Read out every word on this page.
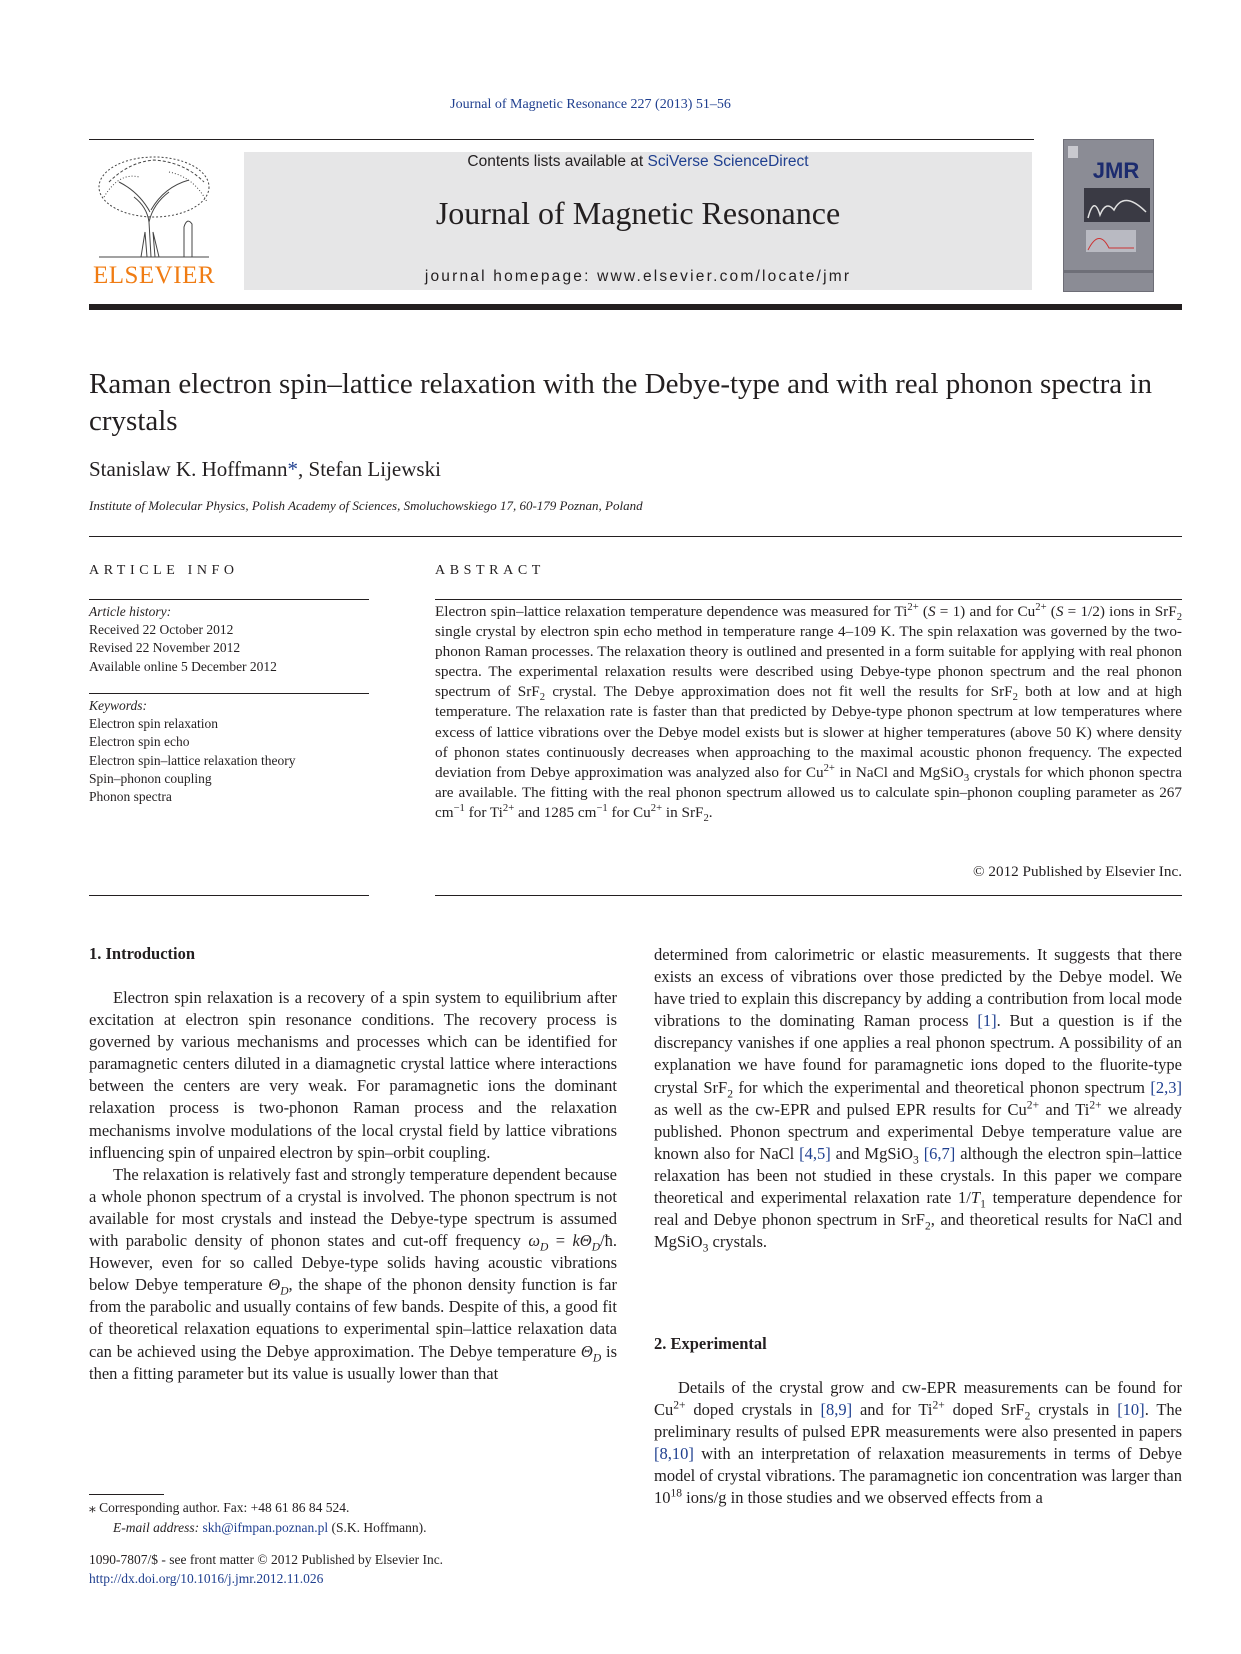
Journal of Magnetic Resonance 227 (2013) 51–56
ELSEVIER
Contents lists available at SciVerse ScienceDirect
Journal of Magnetic Resonance
journal homepage: www.elsevier.com/locate/jmr
JMR
Raman electron spin–lattice relaxation with the Debye-type and with real phonon spectra in crystals
Stanislaw K. Hoffmann*, Stefan Lijewski
Institute of Molecular Physics, Polish Academy of Sciences, Smoluchowskiego 17, 60-179 Poznan, Poland
ARTICLE INFO	ABSTRACT
Article history:
Received 22 October 2012
Revised 22 November 2012
Available online 5 December 2012
Keywords:
Electron spin relaxation
Electron spin echo
Electron spin–lattice relaxation theory
Spin–phonon coupling
Phonon spectra
Electron spin–lattice relaxation temperature dependence was measured for $Ti^{2+}$ (S = 1) and for $Cu^{2+}$ (S = 1/2) ions in SrF$_2$ single crystal by electron spin echo method in temperature range 4–109 K. The spin relaxation was governed by the two-phonon Raman processes. The relaxation theory is outlined and presented in a form suitable for applying with real phonon spectra. The experimental relaxation results were described using Debye-type phonon spectrum and the real phonon spectrum of SrF$_2$ crystal. The Debye approximation does not fit well the results for SrF$_2$ both at low and at high temperature. The relaxation rate is faster than that predicted by Debye-type phonon spectrum at low temperatures where excess of lattice vibrations over the Debye model exists but is slower at higher temperatures (above 50 K) where density of phonon states continuously decreases when approaching to the maximal acoustic phonon frequency. The expected deviation from Debye approximation was analyzed also for $Cu^{2+}$ in NaCl and MgSiO$_3$ crystals for which phonon spectra are available. The fitting with the real phonon spectrum allowed us to calculate spin–phonon coupling parameter as 267 $cm^{-1}$ for $Ti^{2+}$ and 1285 $cm^{-1}$ for $Cu^{2+}$ in SrF$_2$.
© 2012 Published by Elsevier Inc.
1. Introduction

Electron spin relaxation is a recovery of a spin system to equilibrium after excitation at electron spin resonance conditions. The recovery process is governed by various mechanisms and processes which can be identified for paramagnetic centers diluted in a diamagnetic crystal lattice where interactions between the centers are very weak. For paramagnetic ions the dominant relaxation process is two-phonon Raman process and the relaxation mechanisms involve modulations of the local crystal field by lattice vibrations influencing spin of unpaired electron by spin–orbit coupling.

The relaxation is relatively fast and strongly temperature dependent because a whole phonon spectrum of a crystal is involved. The phonon spectrum is not available for most crystals and instead the Debye-type spectrum is assumed with parabolic density of phonon states and cut-off frequency $\omega_D$ = $k\Theta_D/ħ$. However, even for so called Debye-type solids having acoustic vibrations below Debye temperature $\Theta_D$, the shape of the phonon density function is far from the parabolic and usually contains of few bands. Despite of this, a good fit of theoretical relaxation equations to experimental spin–lattice relaxation data can be achieved using the Debye approximation. The Debye temperature $\Theta_D$ is then a fitting parameter but its value is usually lower than that

determined from calorimetric or elastic measurements. It suggests that there exists an excess of vibrations over those predicted by the Debye model. We have tried to explain this discrepancy by adding a contribution from local mode vibrations to the dominating Raman process [1]. But a question is if the discrepancy vanishes if one applies a real phonon spectrum. A possibility of an explanation we have found for paramagnetic ions doped to the fluorite-type crystal SrF$_2$ for which the experimental and theoretical phonon spectrum [2,3] as well as the cw-EPR and pulsed EPR results for $Cu^{2+}$ and $Ti^{2+}$ we already published. Phonon spectrum and experimental Debye temperature value are known also for NaCl [4,5] and MgSiO$_3$ [6,7] although the electron spin–lattice relaxation has been not studied in these crystals. In this paper we compare theoretical and experimental relaxation rate $1/T_1$ temperature dependence for real and Debye phonon spectrum in SrF$_2$, and theoretical results for NaCl and MgSiO$_3$ crystals.

2. Experimental

Details of the crystal grow and cw-EPR measurements can be found for $Cu^{2+}$ doped crystals in [8,9] and for $Ti^{2+}$ doped SrF$_2$ crystals in [10]. The preliminary results of pulsed EPR measurements were also presented in papers [8,10] with an interpretation of relaxation measurements in terms of Debye model of crystal vibrations. The paramagnetic ion concentration was larger than $10^{18}$ ions/g in those studies and we observed effects from a

⁎ Corresponding author. Fax: +48 61 86 84 524.
E-mail address: skh@ifmpan.poznan.pl (S.K. Hoffmann).
1090-7807/$ - see front matter © 2012 Published by Elsevier Inc.
http://dx.doi.org/10.1016/j.jmr.2012.11.026
